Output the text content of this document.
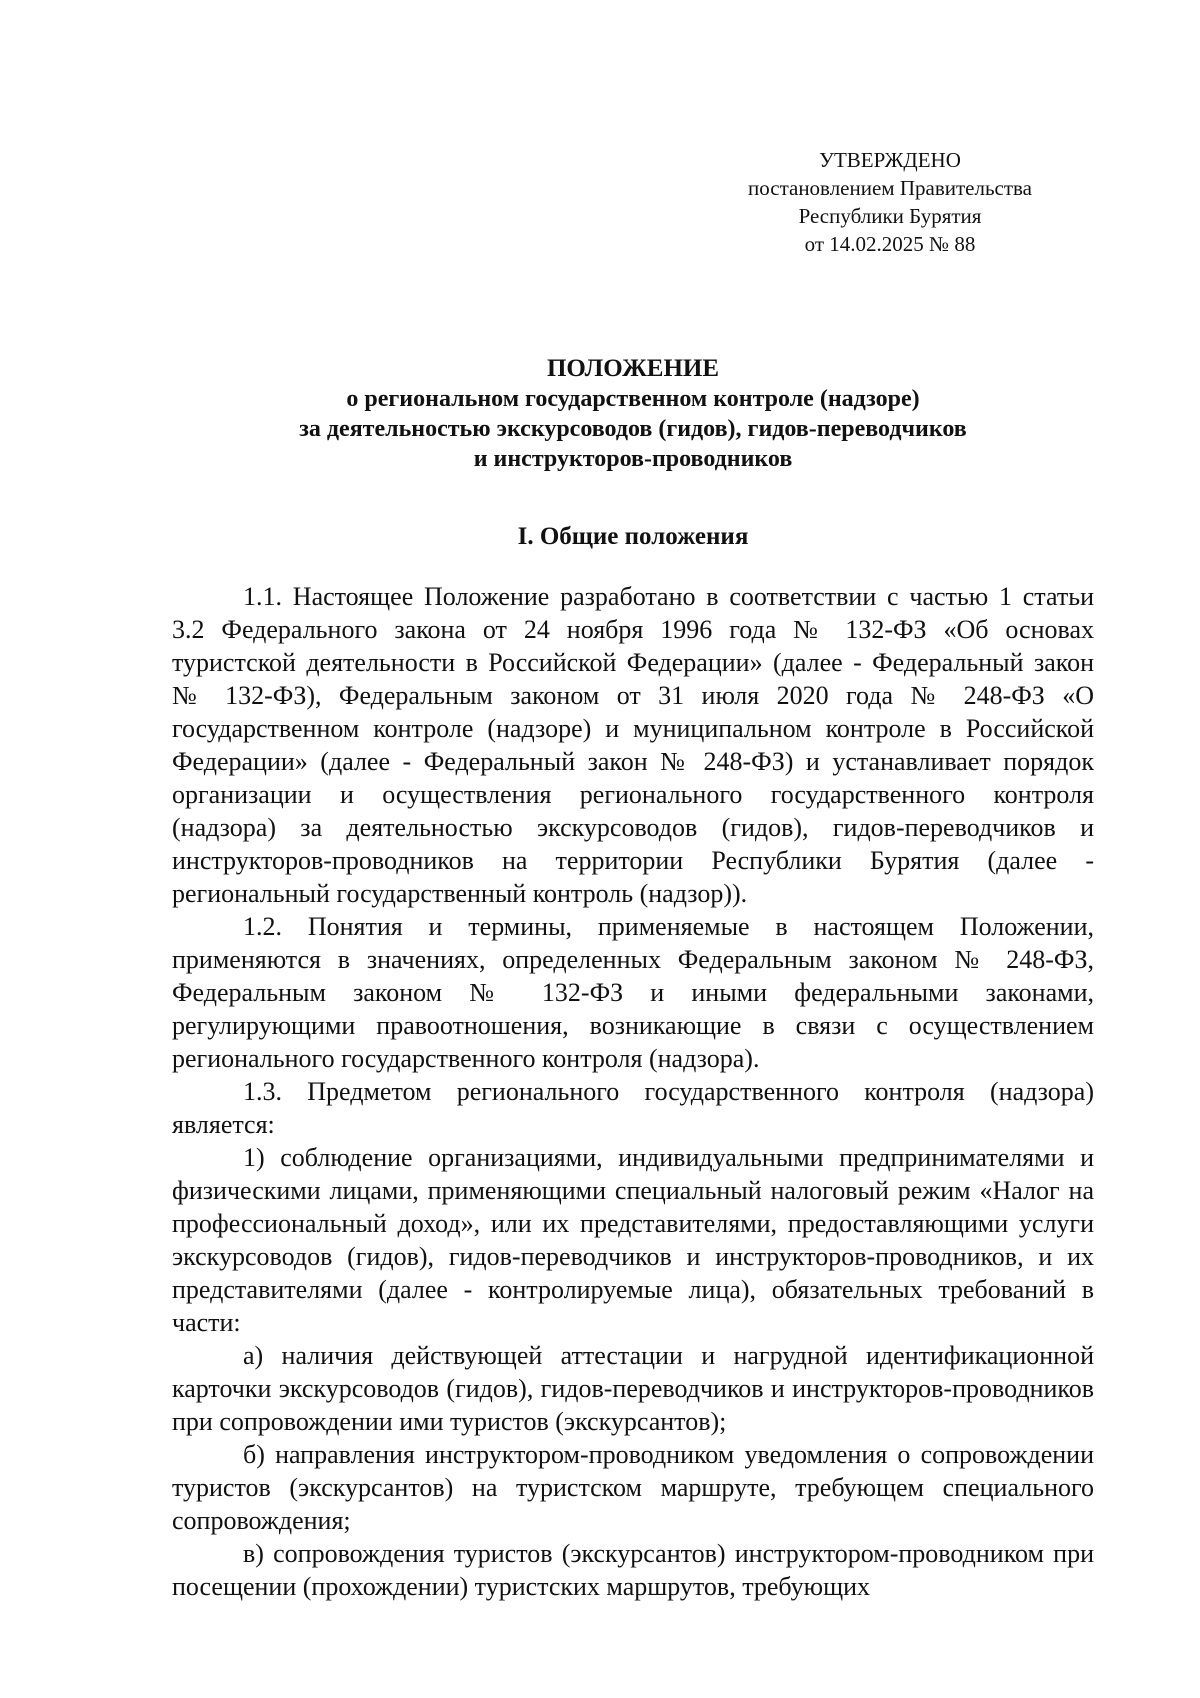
УТВЕРЖДЕНО
постановлением Правительства
Республики Бурятия
от 14.02.2025 № 88
ПОЛОЖЕНИЕ
о региональном государственном контроле (надзоре)
за деятельностью экскурсоводов (гидов), гидов-переводчиков
и инструкторов-проводников
I. Общие положения

1.1. Настоящее Положение разработано в соответствии с частью 1 статьи 3.2 Федерального закона от 24 ноября 1996 года № 132-ФЗ «Об основах туристской деятельности в Российской Федерации» (далее - Федеральный закон № 132-ФЗ), Федеральным законом от 31 июля 2020 года № 248-ФЗ «О государственном контроле (надзоре) и муниципальном контроле в Российской Федерации» (далее - Федеральный закон № 248-ФЗ) и устанавливает порядок организации и осуществления регионального государственного контроля (надзора) за деятельностью экскурсоводов (гидов), гидов-переводчиков и инструкторов-проводников на территории Республики Бурятия (далее - региональный государственный контроль (надзор)).

1.2. Понятия и термины, применяемые в настоящем Положении, применяются в значениях, определенных Федеральным законом № 248-ФЗ, Федеральным законом № 132-ФЗ и иными федеральными законами, регулирующими правоотношения, возникающие в связи с осуществлением регионального государственного контроля (надзора).

1.3. Предметом регионального государственного контроля (надзора) является:

1) соблюдение организациями, индивидуальными предпринимателями и физическими лицами, применяющими специальный налоговый режим «Налог на профессиональный доход», или их представителями, предоставляющими услуги экскурсоводов (гидов), гидов-переводчиков и инструкторов-проводников, и их представителями (далее - контролируемые лица), обязательных требований в части:

а) наличия действующей аттестации и нагрудной идентификационной карточки экскурсоводов (гидов), гидов-переводчиков и инструкторов-проводников при сопровождении ими туристов (экскурсантов);

б) направления инструктором-проводником уведомления о сопровождении туристов (экскурсантов) на туристском маршруте, требующем специального сопровождения;

в) сопровождения туристов (экскурсантов) инструктором-проводником при посещении (прохождении) туристских маршрутов, требующих
